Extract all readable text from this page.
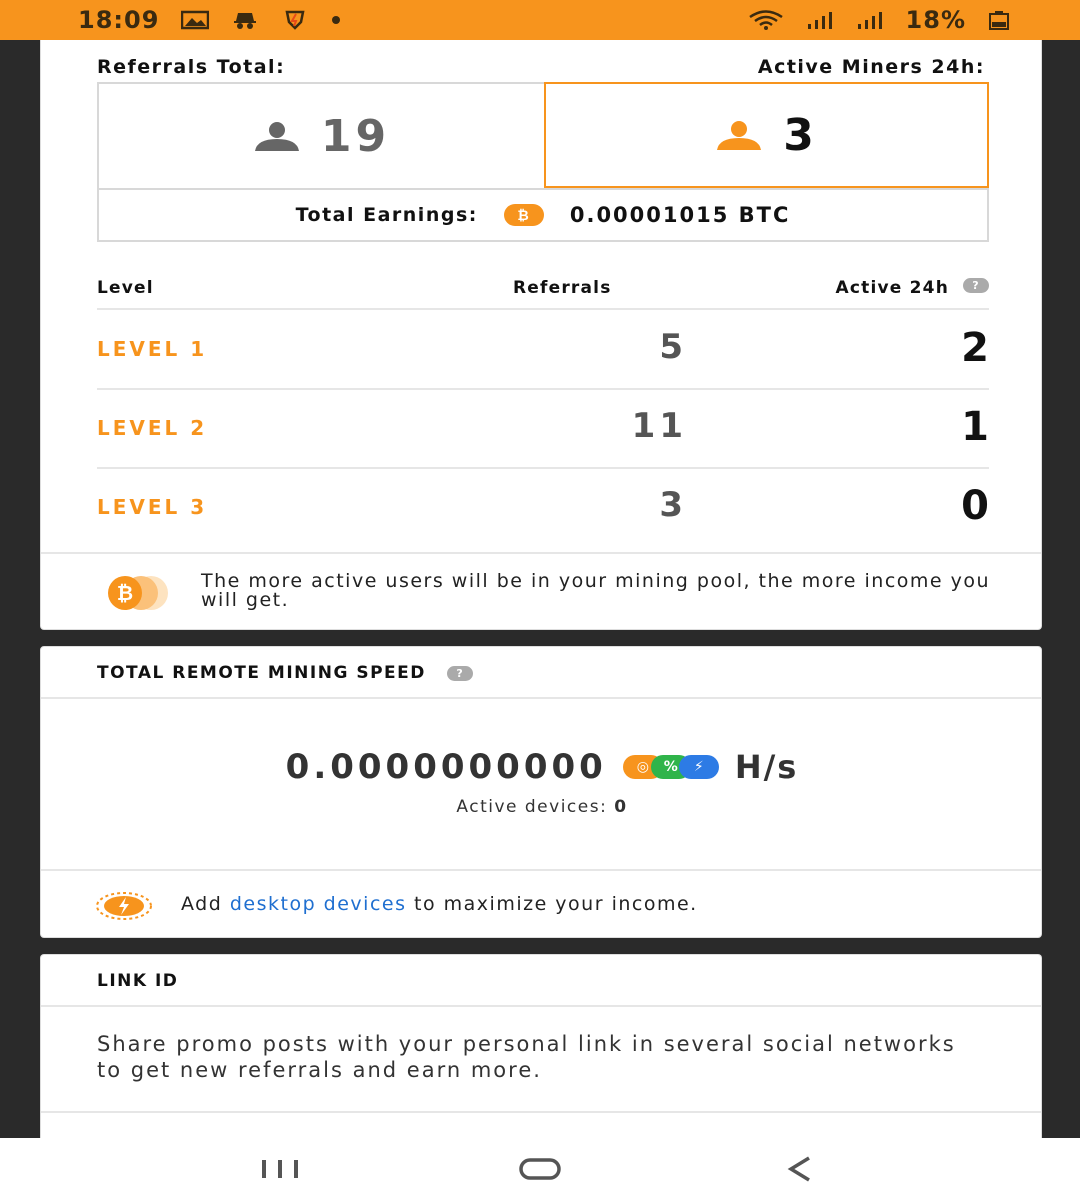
18:09	18%
Referrals Total:	Active Miners 24h:
19	3
Total Earnings:	₿	0.00001015 BTC
Level	Referrals	Active 24h	?
LEVEL 1	5	2
LEVEL 2	11	1
LEVEL 3	3	0
₿	The more active users will be in your mining pool, the more income you will get.
TOTAL REMOTE MINING SPEED	?
0.0000000000	◎	%	⚡ H/s
Active devices: 0
Add desktop devices to maximize your income.
LINK ID
Share promo posts with your personal link in several social networks to get new referrals and earn more.
